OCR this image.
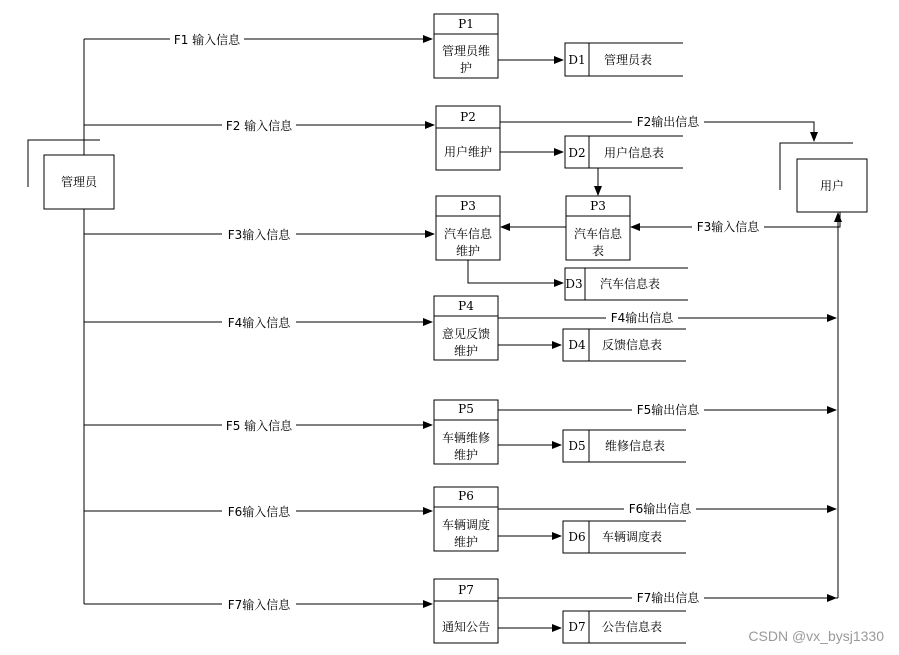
管理员	用户
F1 输入信息
F2 输入信息
F3输入信息
F4输入信息
F5 输入信息
F6输入信息
F7输入信息
P1
管理员维
护
P2
用户维护
P3
汽车信息
维护
P3
汽车信息
表
P4
意见反馈
维护
P5
车辆维修
维护
P6
车辆调度
维护
P7
通知公告
D1 管理员表
D2 用户信息表
D3 汽车信息表
D4 反馈信息表
D5 维修信息表
D6 车辆调度表
D7 公告信息表
F2输出信息
F3输入信息
F4输出信息
F5输出信息
F6输出信息
F7输出信息
CSDN @vx_bysj1330
